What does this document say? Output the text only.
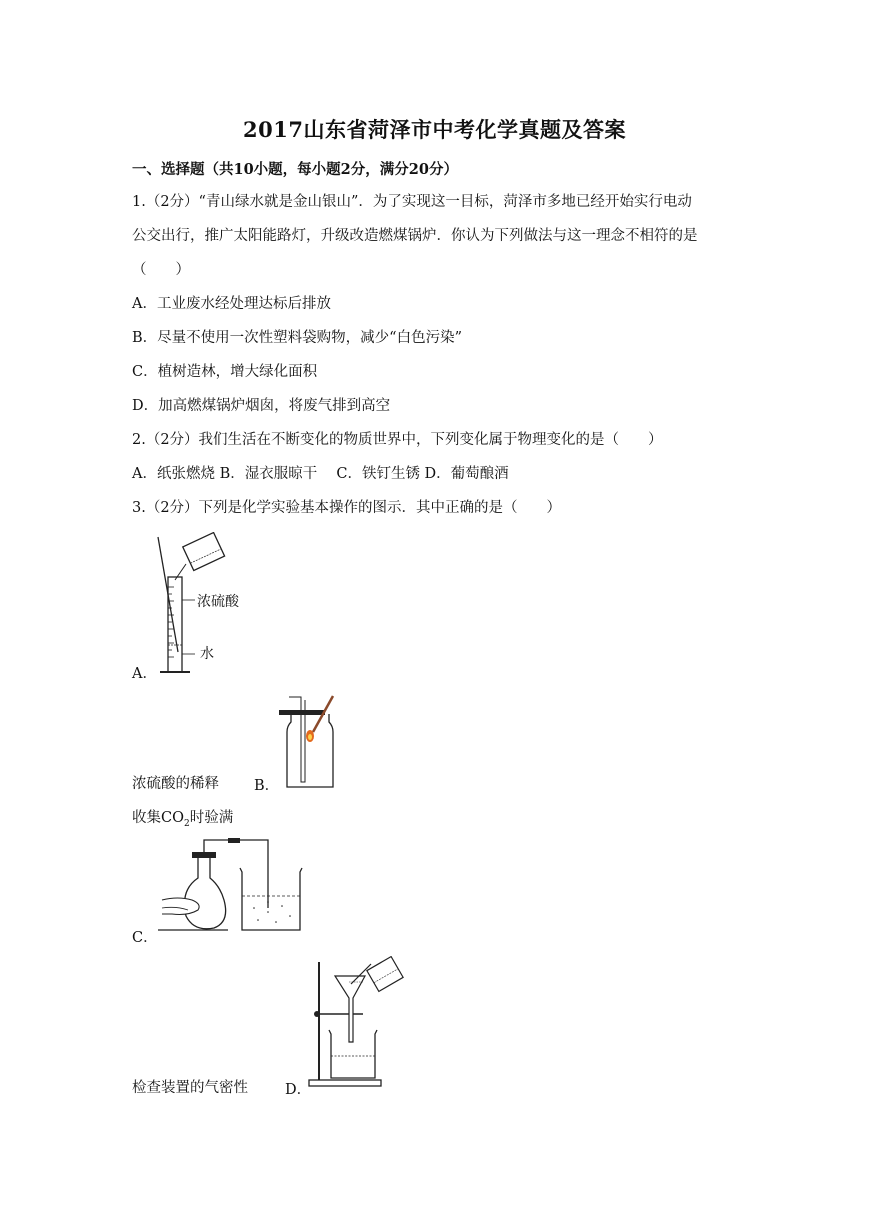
2017山东省菏泽市中考化学真题及答案
一、选择题（共10小题，每小题2分，满分20分）
1.（2分）“青山绿水就是金山银山”．为了实现这一目标，菏泽市多地已经开始实行电动
公交出行，推广太阳能路灯，升级改造燃煤锅炉．你认为下列做法与这一理念不相符的是
（　　）
A．工业废水经处理达标后排放
B．尽量不使用一次性塑料袋购物，减少“白色污染”
C．植树造林，增大绿化面积
D．加高燃煤锅炉烟囱，将废气排到高空
2.（2分）我们生活在不断变化的物质世界中，下列变化属于物理变化的是（　　）
A．纸张燃烧 B．湿衣服晾干　 C．铁钉生锈 D．葡萄酿酒
3.（2分）下列是化学实验基本操作的图示．其中正确的是（　　）
浓硫酸
水
A．
浓硫酸的稀释 B．
收集$CO_2$时验满
C．
检查装置的气密性	D．
